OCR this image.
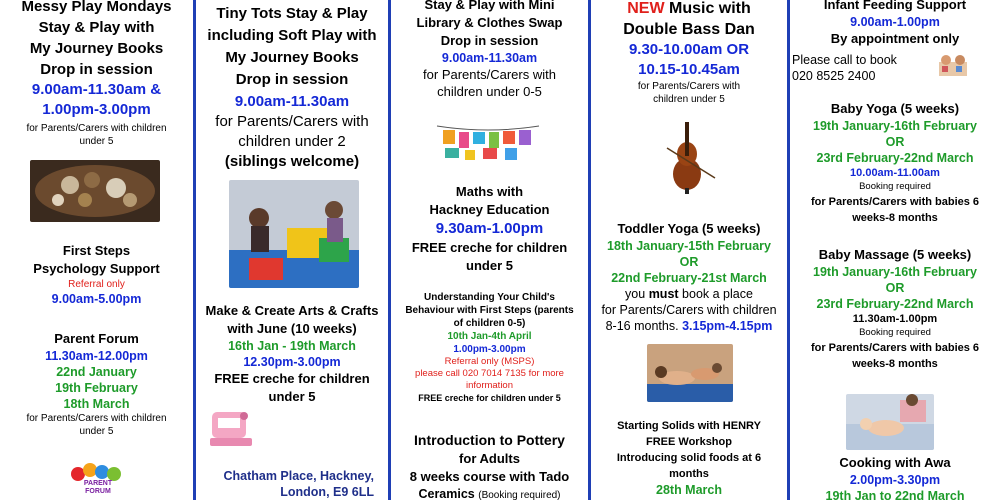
Messy Play Mondays
Stay & Play with
My Journey Books
Drop in session
9.00am-11.30am &
1.00pm-3.00pm
for Parents/Carers with children
under 5
First Steps
Psychology Support
Referral only
9.00am-5.00pm
Parent Forum
11.30am-12.00pm
22nd January
19th February
18th March
for Parents/Carers with children
under 5
PARENT
FORUM
Tiny Tots Stay & Play
including Soft Play with
My Journey Books
Drop in session
9.00am-11.30am
for Parents/Carers with
children under 2
(siblings welcome)
Make & Create Arts & Crafts
with June (10 weeks)
16th Jan - 19th March
12.30pm-3.00pm
FREE creche for children
under 5
Chatham Place, Hackney,
London, E9 6LL
Stay & Play with Mini
Library & Clothes Swap
Drop in session
9.00am-11.30am
for Parents/Carers with
children under 0-5
Maths with
Hackney Education
9.30am-1.00pm
FREE creche for children
under 5
Understanding Your Child's
Behaviour with First Steps (parents
of children 0-5)
10th Jan-4th April
1.00pm-3.00pm
Referral only (MSPS)
please call 020 7014 7135 for more
information
FREE creche for children under 5
Introduction to Pottery
for Adults
8 weeks course with Tado
Ceramics (Booking required)
NEW Music with
Double Bass Dan
9.30-10.00am OR
10.15-10.45am
for Parents/Carers with
children under 5
Toddler Yoga (5 weeks)
18th January-15th February
OR
22nd February-21st March
you must book a place
for Parents/Carers with children
8-16 months. 3.15pm-4.15pm
Starting Solids with HENRY
FREE Workshop
Introducing solid foods at 6
months
28th March
Infant Feeding Support
9.00am-1.00pm
By appointment only
Please call to book
020 8525 2400
Baby Yoga (5 weeks)
19th January-16th February
OR
23rd February-22nd March
10.00am-11.00am
Booking required
for Parents/Carers with babies 6
weeks-8 months
Baby Massage (5 weeks)
19th January-16th February
OR
23rd February-22nd March
11.30am-1.00pm
Booking required
for Parents/Carers with babies 6
weeks-8 months
Cooking with Awa
2.00pm-3.30pm
19th Jan to 22nd March
